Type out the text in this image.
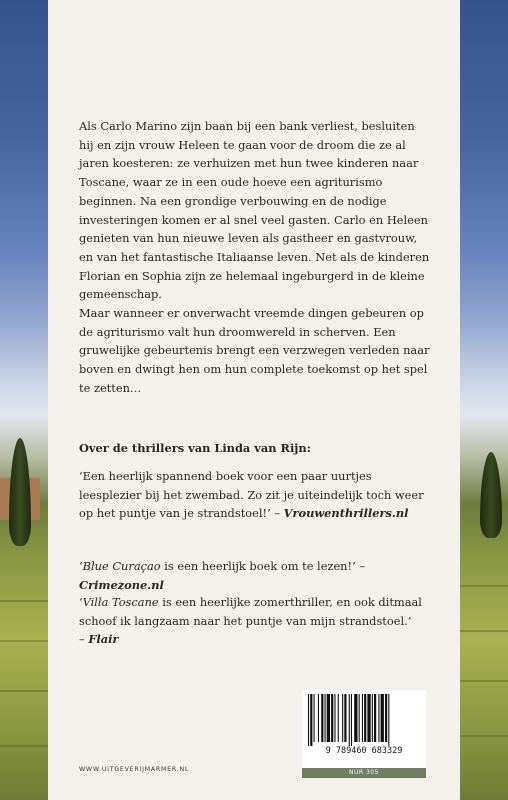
Als Carlo Marino zijn baan bij een bank verliest, besluiten hij en zijn vrouw Heleen te gaan voor de droom die ze al jaren koesteren: ze verhuizen met hun twee kinderen naar Toscane, waar ze in een oude hoeve een agriturismo beginnen. Na een grondige verbouwing en de nodige investeringen komen er al snel veel gasten. Carlo en Heleen genieten van hun nieuwe leven als gastheer en gastvrouw, en van het fantastische Italiaanse leven. Net als de kinderen Florian en Sophia zijn ze helemaal ingeburgerd in de kleine gemeenschap.

Maar wanneer er onverwacht vreemde dingen gebeuren op de agriturismo valt hun droomwereld in scherven. Een gruwelijke gebeurtenis brengt een verzwegen verleden naar boven en dwingt hen om hun complete toekomst op het spel te zetten…

Over de thrillers van Linda van Rijn:
‘Een heerlijk spannend boek voor een paar uurtjes leesplezier bij het zwembad. Zo zit je uiteindelijk toch weer op het puntje van je strandstoel!’ – Vrouwenthrillers.nl
‘Blue Curaçao is een heerlijk boek om te lezen!’ – Crimezone.nl
‘Villa Toscane is een heerlijke zomerthriller, en ook ditmaal schoof ik langzaam naar het puntje van mijn strandstoel.’
– Flair
WWW.UITGEVERIJMARMER.NL
9 789460 683329
NUR 305
